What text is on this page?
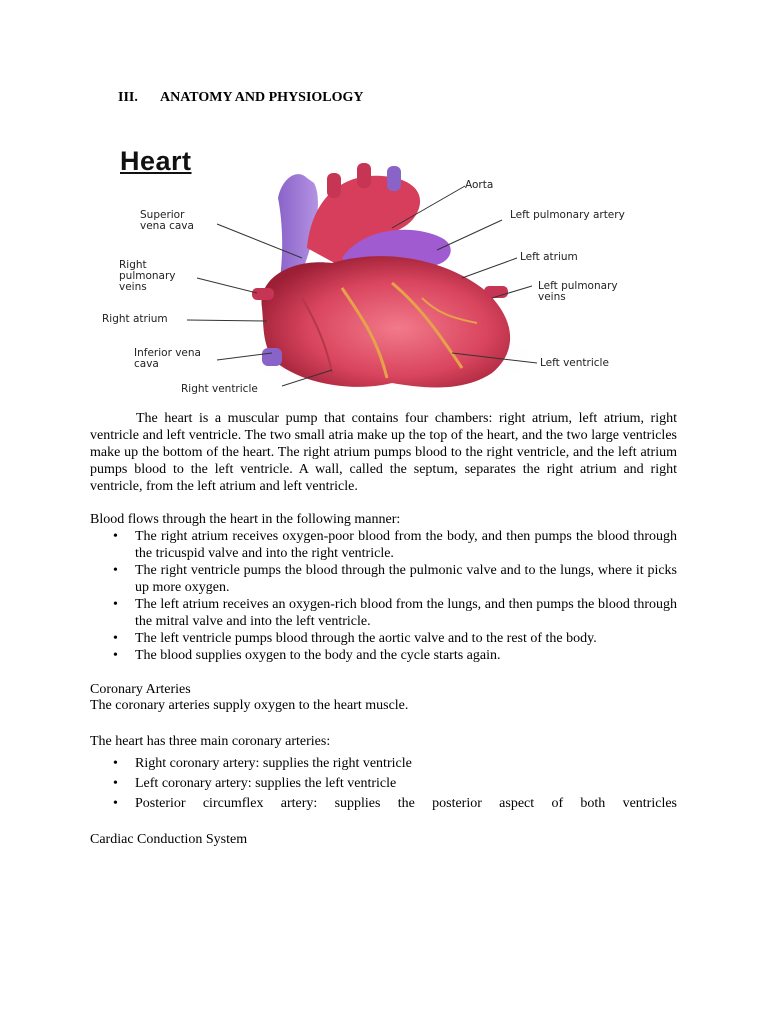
III. ANATOMY AND PHYSIOLOGY
Heart
Aorta
Superior
vena cava
Left pulmonary artery
Left atrium
Right
pulmonary
veins	Left pulmonary
veins
Right atrium
Inferior vena
cava	Left ventricle
Right ventricle

The heart is a muscular pump that contains four chambers: right atrium, left atrium, right ventricle and left ventricle. The two small atria make up the top of the heart, and the two large ventricles make up the bottom of the heart. The right atrium pumps blood to the right ventricle, and the left atrium pumps blood to the left ventricle. A wall, called the septum, separates the right atrium and right ventricle, from the left atrium and left ventricle.

Blood flows through the heart in the following manner:

• The right atrium receives oxygen-poor blood from the body, and then pumps the blood through the tricuspid valve and into the right ventricle.
• The right ventricle pumps the blood through the pulmonic valve and to the lungs, where it picks up more oxygen.
• The left atrium receives an oxygen-rich blood from the lungs, and then pumps the blood through the mitral valve and into the left ventricle.
• The left ventricle pumps blood through the aortic valve and to the rest of the body.
• The blood supplies oxygen to the body and the cycle starts again.
Coronary Arteries
The coronary arteries supply oxygen to the heart muscle.
The heart has three main coronary arteries:
• Right coronary artery: supplies the right ventricle
• Left coronary artery: supplies the left ventricle
• Posterior circumflex artery: supplies the posterior aspect of both ventricles
Cardiac Conduction System
